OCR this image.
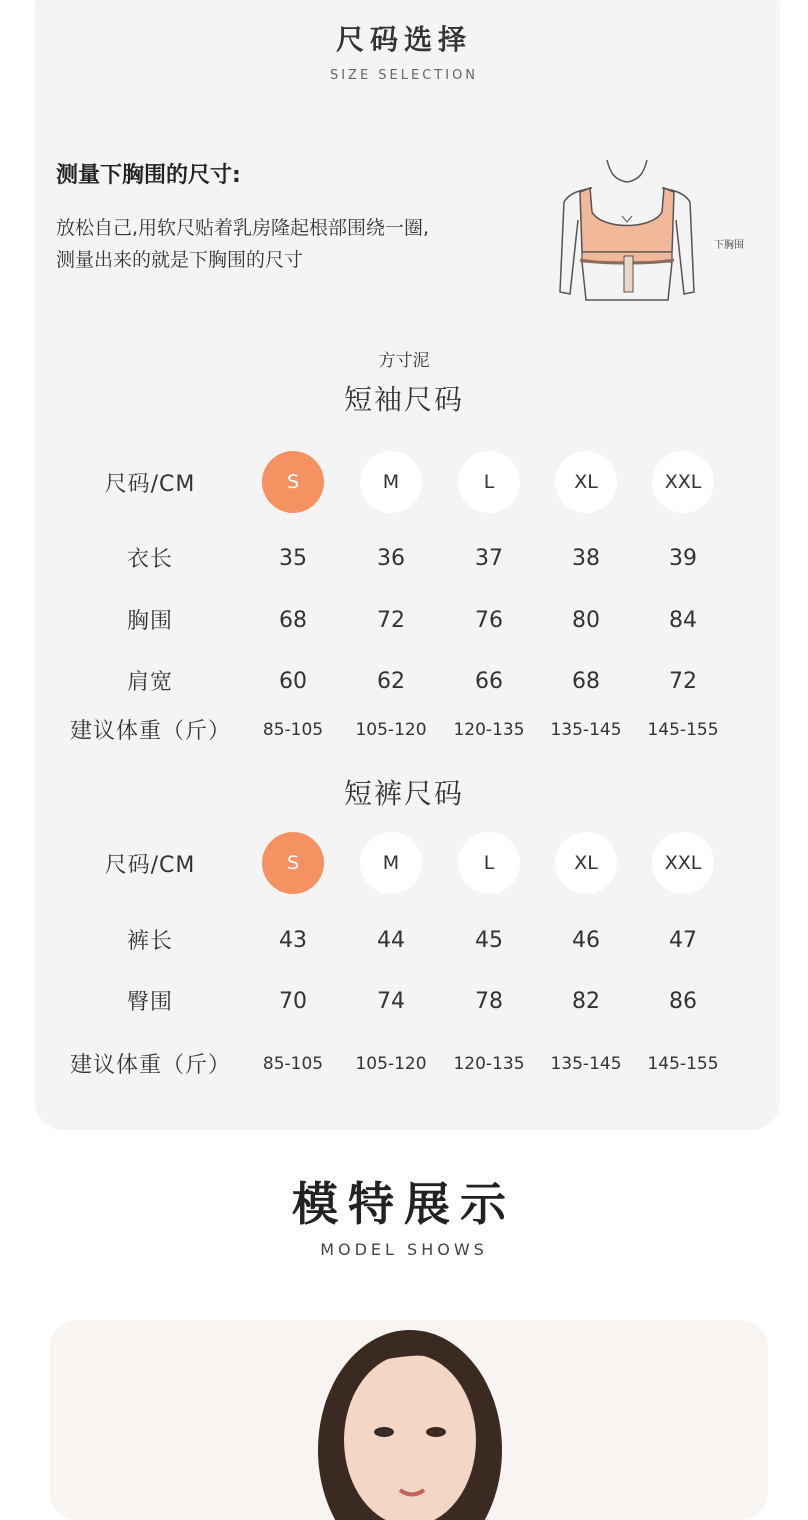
尺码选择
SIZE SELECTION
测量下胸围的尺寸:
放松自己,用软尺贴着乳房隆起根部围绕一圈,
测量出来的就是下胸围的尺寸
下胸围
方寸泥
短袖尺码
尺码/CM	S	M	L	XL	XXL
衣长	35	36	37	38	39
胸围	68	72	76	80	84
肩宽	60	62	66	68	72
建议体重（斤）	85-105	105-120	120-135	135-145	145-155
短裤尺码
尺码/CM	S	M	L	XL	XXL
裤长	43	44	45	46	47
臀围	70	74	78	82	86
建议体重（斤）	85-105	105-120	120-135	135-145	145-155
模特展示
MODEL SHOWS
